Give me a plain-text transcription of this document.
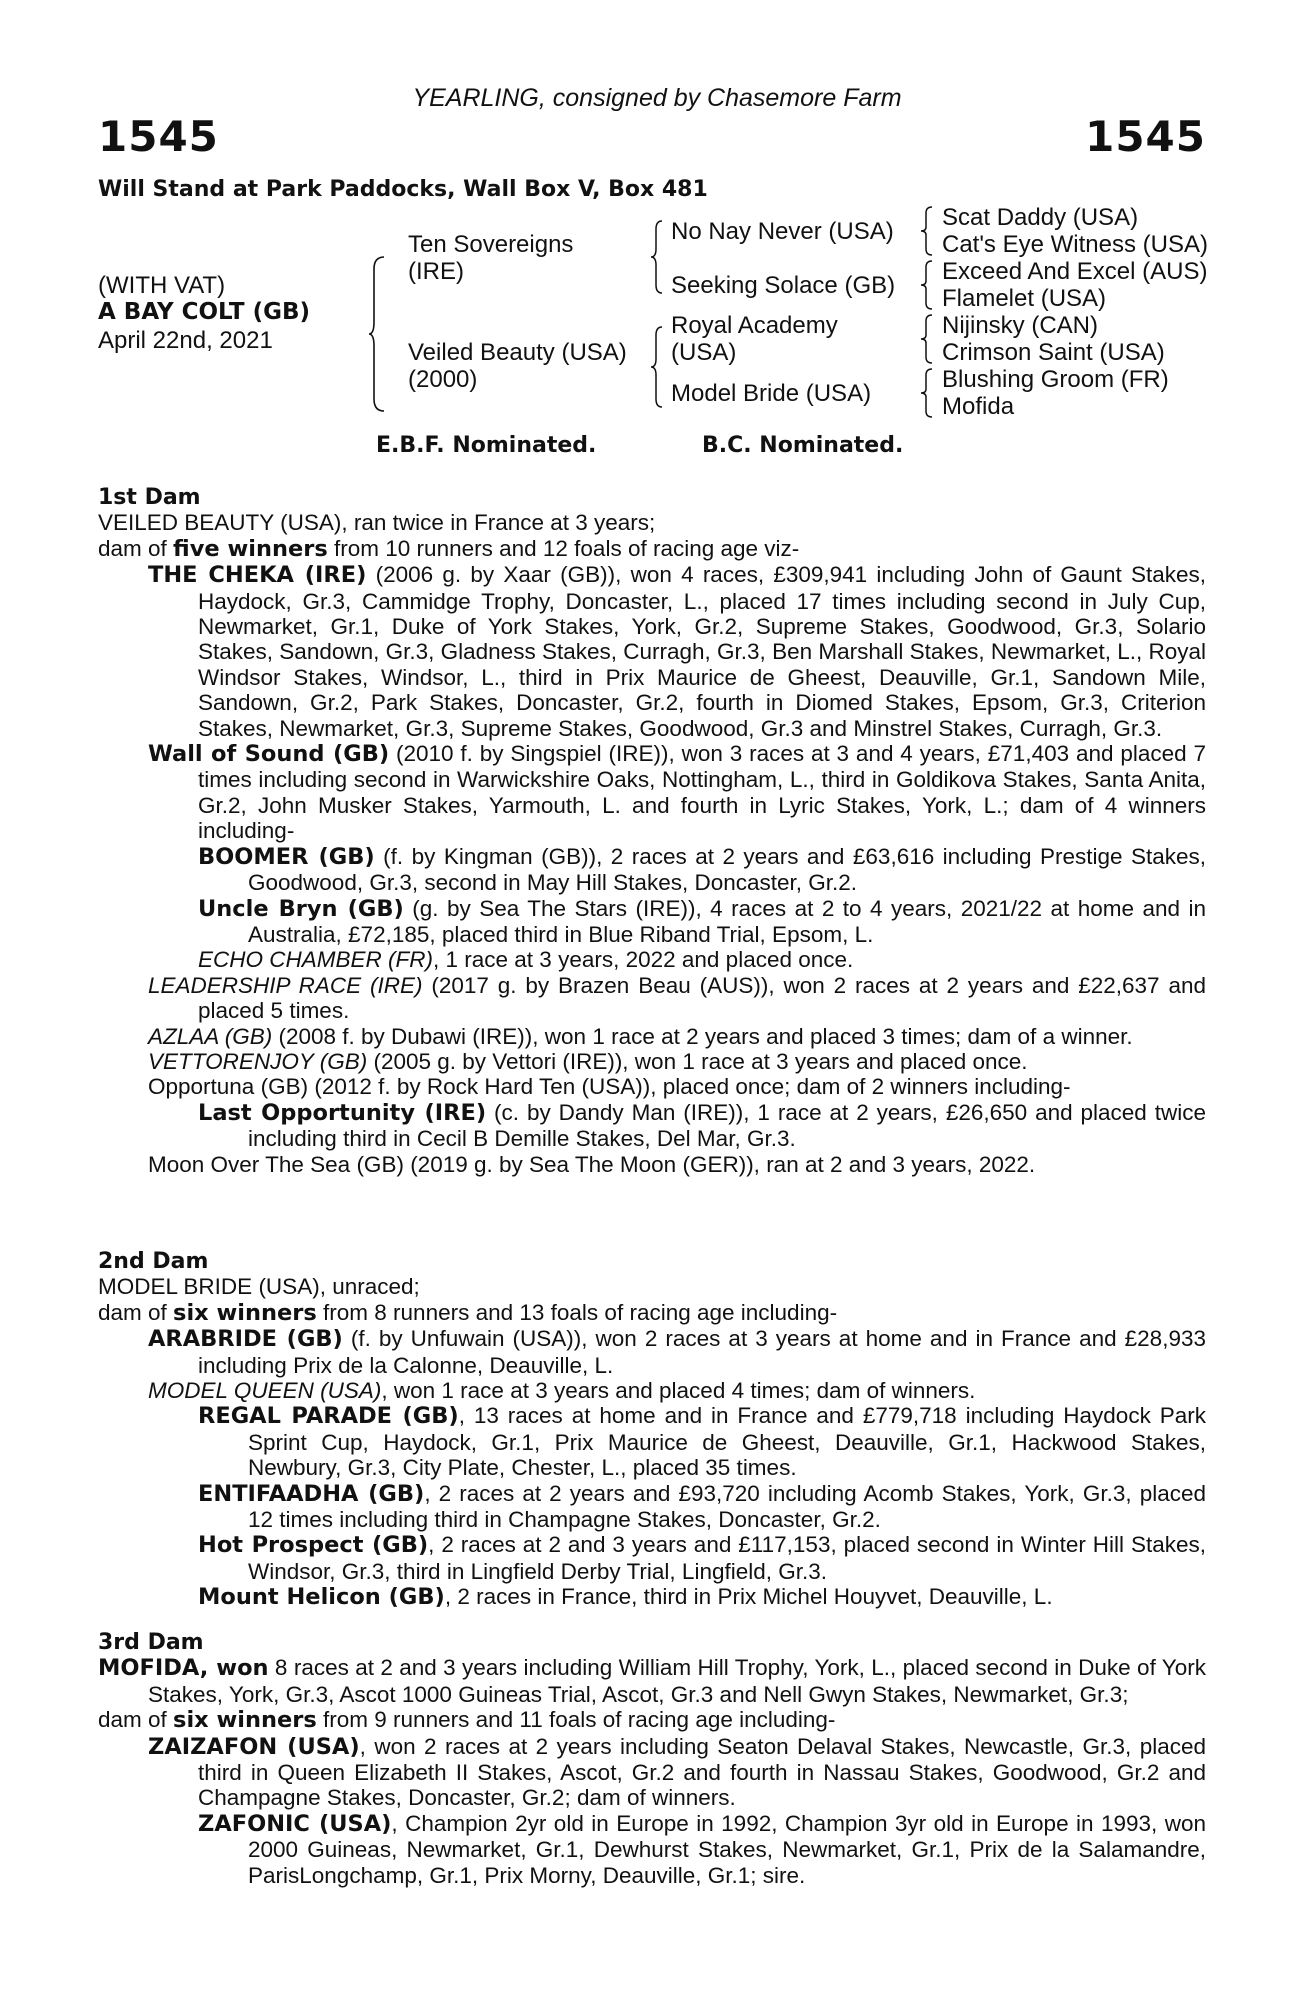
YEARLING, consigned by Chasemore Farm
1545	1545
Will Stand at Park Paddocks, Wall Box V, Box 481
(WITH VAT)
A BAY COLT (GB)
April 22nd, 2021
Ten Sovereigns
(IRE)
Veiled Beauty (USA)
(2000)
No Nay Never (USA)
Seeking Solace (GB)
Royal Academy
(USA)
Model Bride (USA)
Scat Daddy (USA)
Cat's Eye Witness (USA)
Exceed And Excel (AUS)
Flamelet (USA)
Nijinsky (CAN)
Crimson Saint (USA)
Blushing Groom (FR)
Mofida
E.B.F. Nominated.	B.C. Nominated.
1st Dam

VEILED BEAUTY (USA), ran twice in France at 3 years;

dam of five winners from 10 runners and 12 foals of racing age viz-

THE CHEKA (IRE) (2006 g. by Xaar (GB)), won 4 races, £309,941 including John of Gaunt Stakes, Haydock, Gr.3, Cammidge Trophy, Doncaster, L., placed 17 times including second in July Cup, Newmarket, Gr.1, Duke of York Stakes, York, Gr.2, Supreme Stakes, Goodwood, Gr.3, Solario Stakes, Sandown, Gr.3, Gladness Stakes, Curragh, Gr.3, Ben Marshall Stakes, Newmarket, L., Royal Windsor Stakes, Windsor, L., third in Prix Maurice de Gheest, Deauville, Gr.1, Sandown Mile, Sandown, Gr.2, Park Stakes, Doncaster, Gr.2, fourth in Diomed Stakes, Epsom, Gr.3, Criterion Stakes, Newmarket, Gr.3, Supreme Stakes, Goodwood, Gr.3 and Minstrel Stakes, Curragh, Gr.3.

Wall of Sound (GB) (2010 f. by Singspiel (IRE)), won 3 races at 3 and 4 years, £71,403 and placed 7 times including second in Warwickshire Oaks, Nottingham, L., third in Goldikova Stakes, Santa Anita, Gr.2, John Musker Stakes, Yarmouth, L. and fourth in Lyric Stakes, York, L.; dam of 4 winners including-

BOOMER (GB) (f. by Kingman (GB)), 2 races at 2 years and £63,616 including Prestige Stakes, Goodwood, Gr.3, second in May Hill Stakes, Doncaster, Gr.2.

Uncle Bryn (GB) (g. by Sea The Stars (IRE)), 4 races at 2 to 4 years, 2021/22 at home and in Australia, £72,185, placed third in Blue Riband Trial, Epsom, L.

ECHO CHAMBER (FR), 1 race at 3 years, 2022 and placed once.

LEADERSHIP RACE (IRE) (2017 g. by Brazen Beau (AUS)), won 2 races at 2 years and £22,637 and placed 5 times.

AZLAA (GB) (2008 f. by Dubawi (IRE)), won 1 race at 2 years and placed 3 times; dam of a winner.

VETTORENJOY (GB) (2005 g. by Vettori (IRE)), won 1 race at 3 years and placed once.

Opportuna (GB) (2012 f. by Rock Hard Ten (USA)), placed once; dam of 2 winners including-

Last Opportunity (IRE) (c. by Dandy Man (IRE)), 1 race at 2 years, £26,650 and placed twice including third in Cecil B Demille Stakes, Del Mar, Gr.3.

Moon Over The Sea (GB) (2019 g. by Sea The Moon (GER)), ran at 2 and 3 years, 2022.

2nd Dam

MODEL BRIDE (USA), unraced;

dam of six winners from 8 runners and 13 foals of racing age including-

ARABRIDE (GB) (f. by Unfuwain (USA)), won 2 races at 3 years at home and in France and £28,933 including Prix de la Calonne, Deauville, L.

MODEL QUEEN (USA), won 1 race at 3 years and placed 4 times; dam of winners.

REGAL PARADE (GB), 13 races at home and in France and £779,718 including Haydock Park Sprint Cup, Haydock, Gr.1, Prix Maurice de Gheest, Deauville, Gr.1, Hackwood Stakes, Newbury, Gr.3, City Plate, Chester, L., placed 35 times.

ENTIFAADHA (GB), 2 races at 2 years and £93,720 including Acomb Stakes, York, Gr.3, placed 12 times including third in Champagne Stakes, Doncaster, Gr.2.

Hot Prospect (GB), 2 races at 2 and 3 years and £117,153, placed second in Winter Hill Stakes, Windsor, Gr.3, third in Lingfield Derby Trial, Lingfield, Gr.3.

Mount Helicon (GB), 2 races in France, third in Prix Michel Houyvet, Deauville, L.

3rd Dam

MOFIDA, won 8 races at 2 and 3 years including William Hill Trophy, York, L., placed second in Duke of York Stakes, York, Gr.3, Ascot 1000 Guineas Trial, Ascot, Gr.3 and Nell Gwyn Stakes, Newmarket, Gr.3;

dam of six winners from 9 runners and 11 foals of racing age including-

ZAIZAFON (USA), won 2 races at 2 years including Seaton Delaval Stakes, Newcastle, Gr.3, placed third in Queen Elizabeth II Stakes, Ascot, Gr.2 and fourth in Nassau Stakes, Goodwood, Gr.2 and Champagne Stakes, Doncaster, Gr.2; dam of winners.

ZAFONIC (USA), Champion 2yr old in Europe in 1992, Champion 3yr old in Europe in 1993, won 2000 Guineas, Newmarket, Gr.1, Dewhurst Stakes, Newmarket, Gr.1, Prix de la Salamandre, ParisLongchamp, Gr.1, Prix Morny, Deauville, Gr.1; sire.
